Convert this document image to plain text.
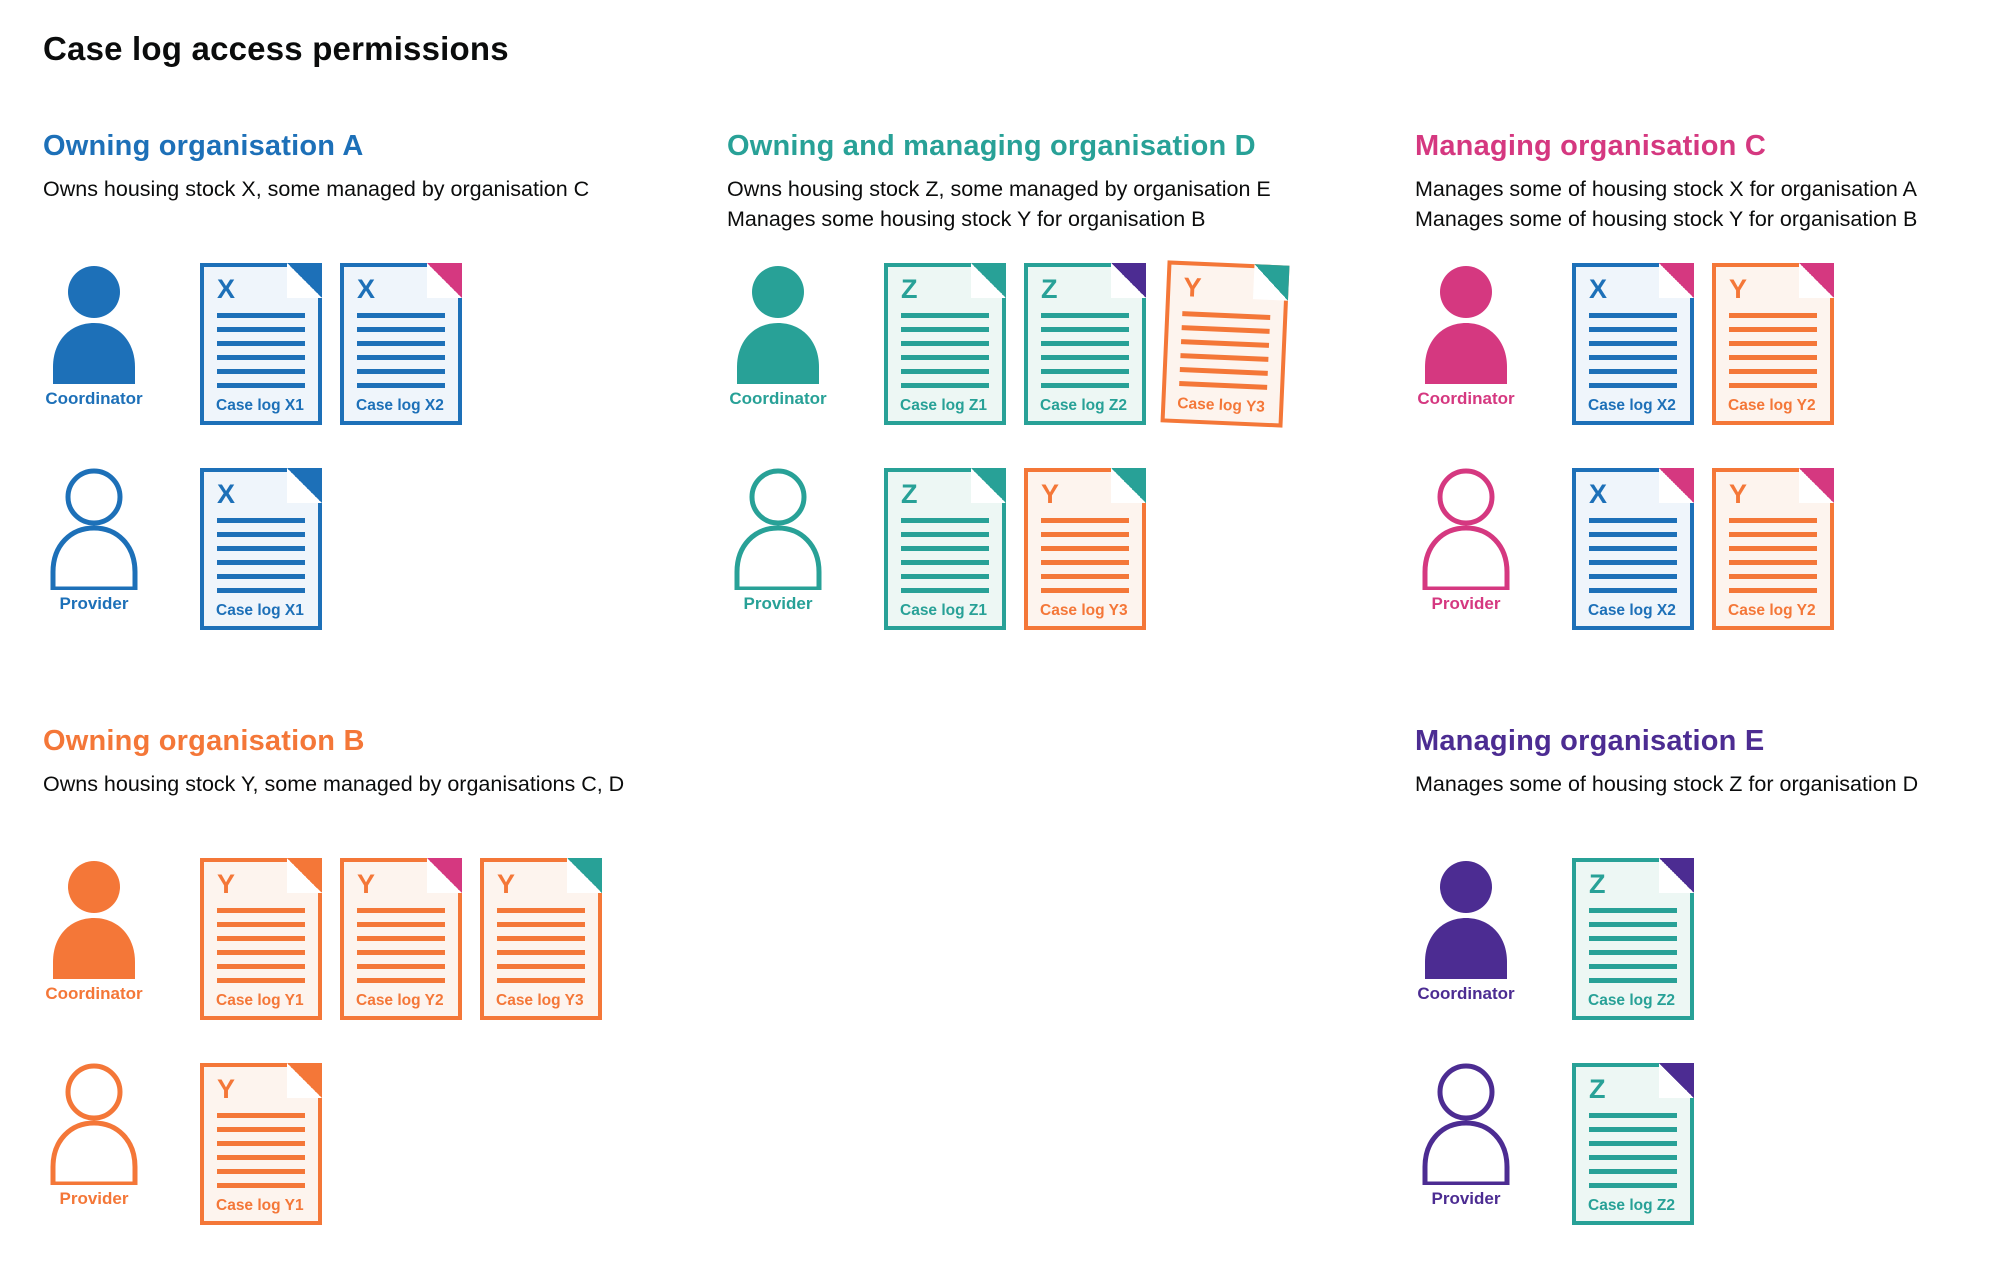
Case log access permissions
Owning organisation A

Owns housing stock X, some managed by organisation C

Coordinator
X
Case log X1
X
Case log X2
Provider
X
Case log X1
Owning and managing organisation D

Owns housing stock Z, some managed by organisation E

Manages some housing stock Y for organisation B

Coordinator
Z
Case log Z1
Z
Case log Z2
Y
Case log Y3
Provider
Z
Case log Z1
Y
Case log Y3
Managing organisation C

Manages some of housing stock X for organisation A

Manages some of housing stock Y for organisation B

Coordinator
X
Case log X2
Y
Case log Y2
Provider
X
Case log X2
Y
Case log Y2
Owning organisation B

Owns housing stock Y, some managed by organisations C, D

Coordinator
Y
Case log Y1
Y
Case log Y2
Y
Case log Y3
Provider
Y
Case log Y1
Managing organisation E

Manages some of housing stock Z for organisation D

Coordinator
Z
Case log Z2
Provider
Z
Case log Z2
